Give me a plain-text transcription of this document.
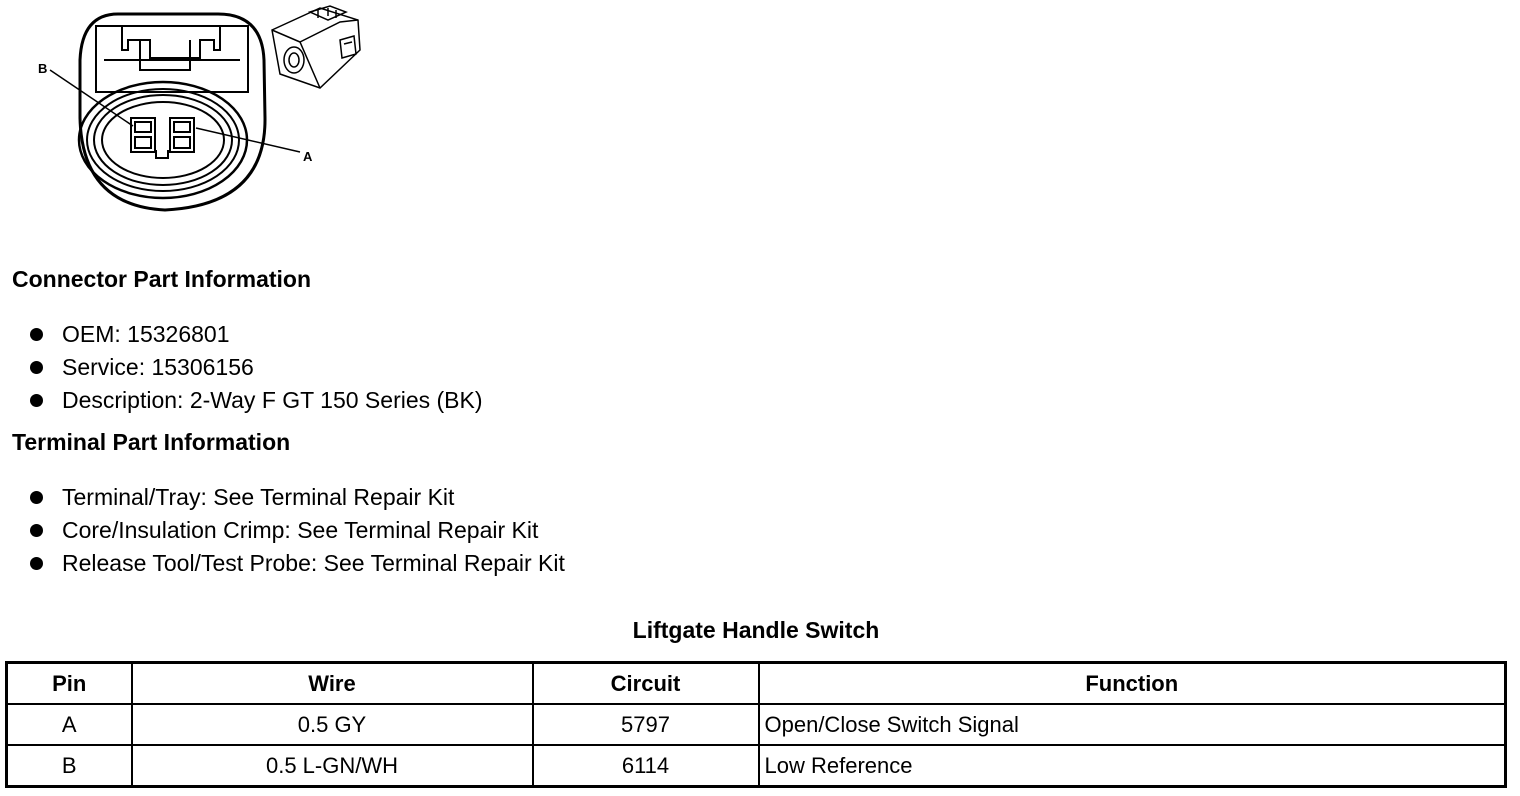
B
A
Connector Part Information
OEM: 15326801
Service: 15306156
Description: 2-Way F GT 150 Series (BK)
Terminal Part Information
Terminal/Tray: See Terminal Repair Kit
Core/Insulation Crimp: See Terminal Repair Kit
Release Tool/Test Probe: See Terminal Repair Kit
Liftgate Handle Switch
Pin	Wire	Circuit	Function
A	0.5 GY	5797	Open/Close Switch Signal
B	0.5 L-GN/WH	6114	Low Reference
